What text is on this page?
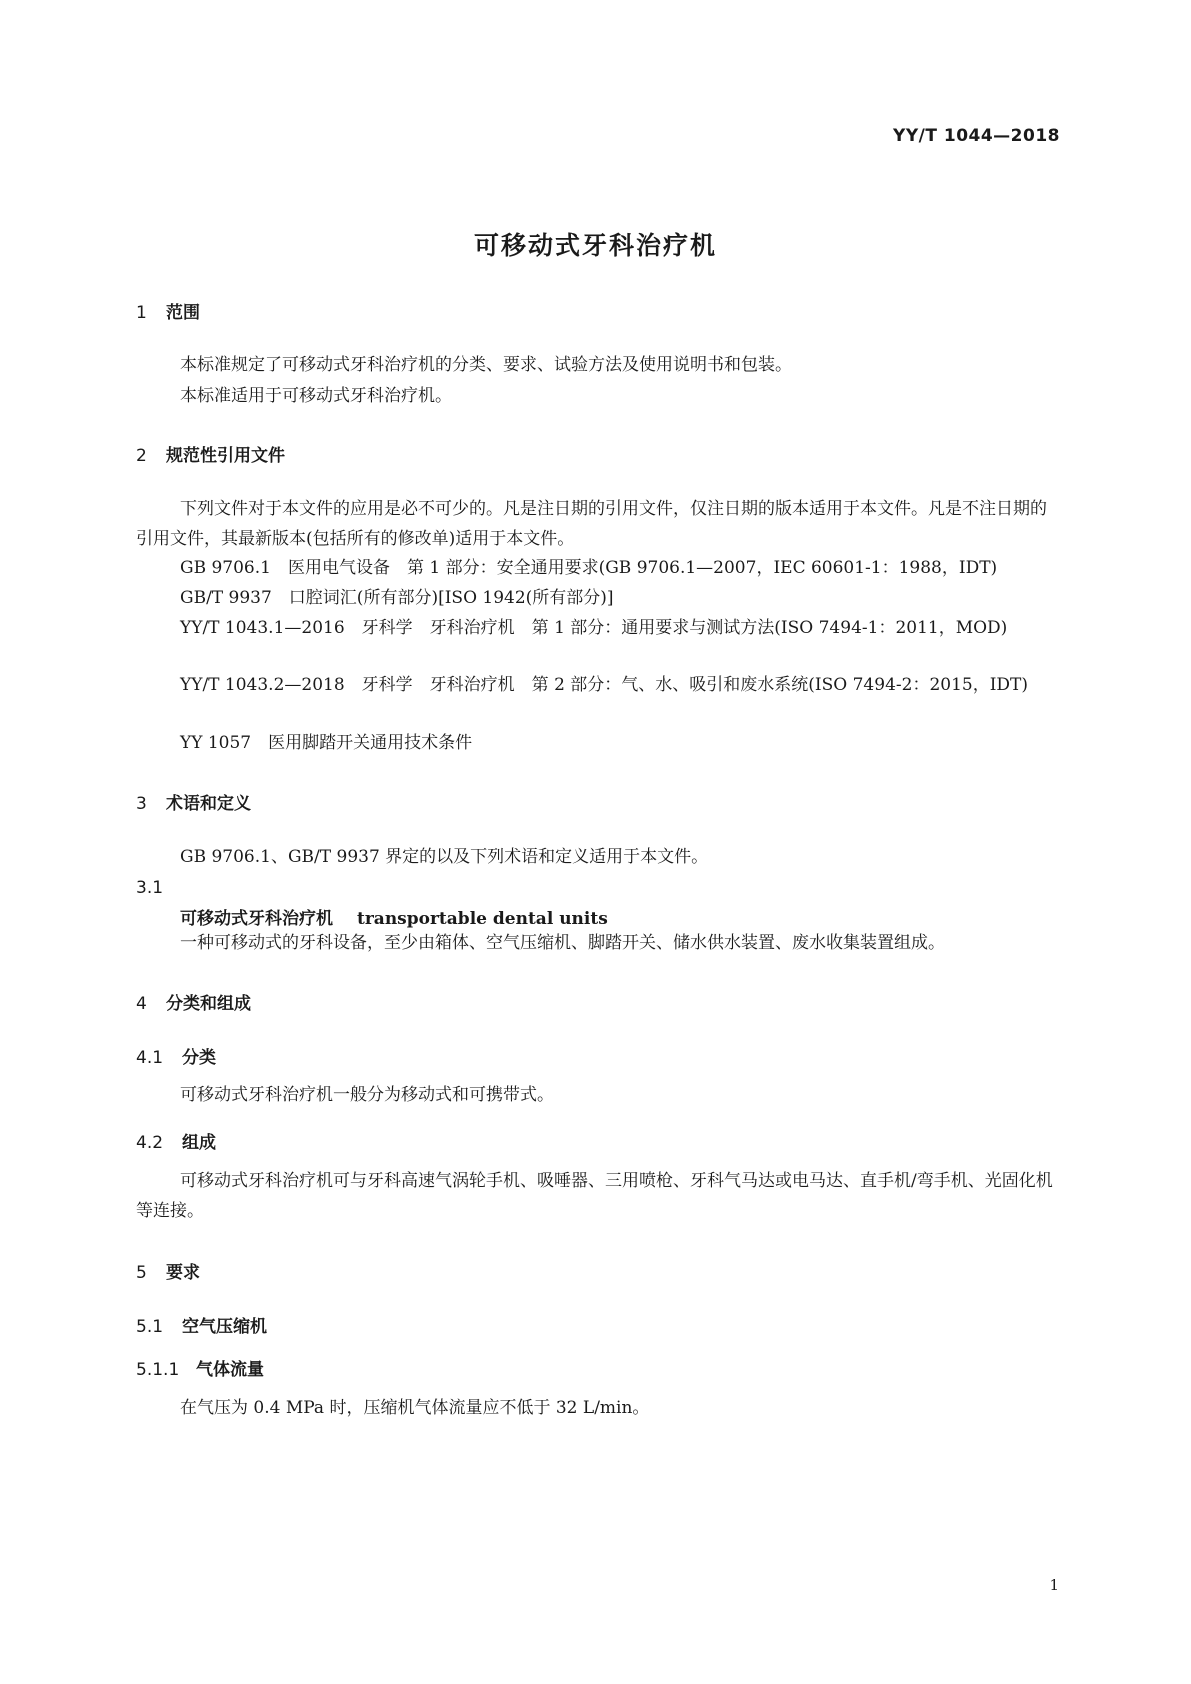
YY/T 1044—2018
可移动式牙科治疗机
1 范围
本标准规定了可移动式牙科治疗机的分类、要求、试验方法及使用说明书和包装。
本标准适用于可移动式牙科治疗机。
2 规范性引用文件
下列文件对于本文件的应用是必不可少的。凡是注日期的引用文件，仅注日期的版本适用于本文件。凡是不注日期的引用文件，其最新版本(包括所有的修改单)适用于本文件。
GB 9706.1　医用电气设备　第 1 部分：安全通用要求(GB 9706.1—2007，IEC 60601-1：1988，IDT)
GB/T 9937　口腔词汇(所有部分)[ISO 1942(所有部分)]
YY/T 1043.1—2016　牙科学　牙科治疗机　第 1 部分：通用要求与测试方法(ISO 7494-1：2011，MOD)
YY/T 1043.2—2018　牙科学　牙科治疗机　第 2 部分：气、水、吸引和废水系统(ISO 7494-2：2015，IDT)
YY 1057　医用脚踏开关通用技术条件
3 术语和定义
GB 9706.1、GB/T 9937 界定的以及下列术语和定义适用于本文件。
3.1
可移动式牙科治疗机 transportable dental units
一种可移动式的牙科设备，至少由箱体、空气压缩机、脚踏开关、储水供水装置、废水收集装置组成。
4 分类和组成
4.1 分类
可移动式牙科治疗机一般分为移动式和可携带式。
4.2 组成
可移动式牙科治疗机可与牙科高速气涡轮手机、吸唾器、三用喷枪、牙科气马达或电马达、直手机/弯手机、光固化机等连接。
5 要求
5.1 空气压缩机
5.1.1 气体流量
在气压为 0.4 MPa 时，压缩机气体流量应不低于 32 L/min。
1
